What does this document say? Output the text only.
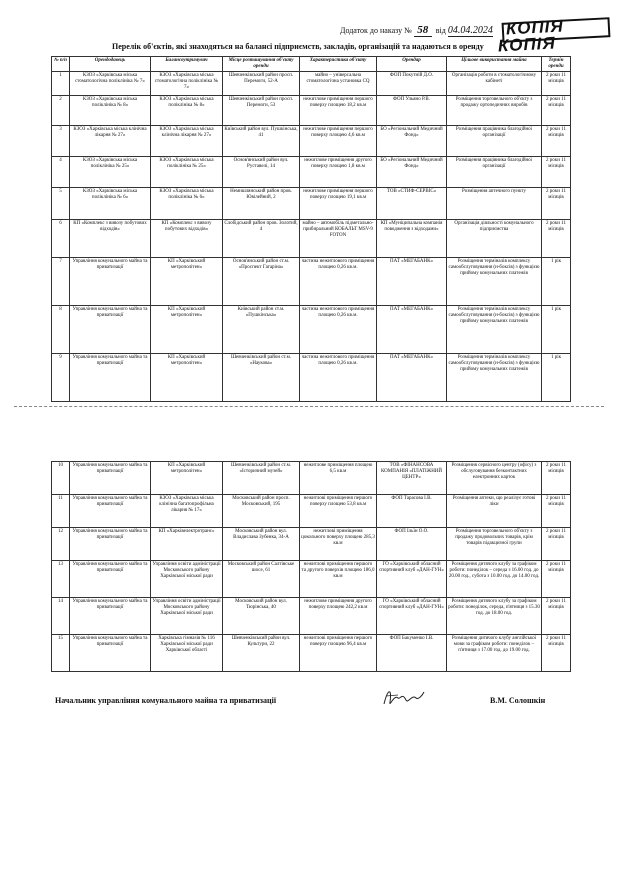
Додаток до наказу № 58 від 04.04.2024 КОПІЯ
КОПІЯ
Перелік об'єктів, які знаходяться на балансі підприємств, закладів, організацій та надаються в оренду
№ п/п	Орендодавець	Балансоутримувач	Місце розташування об'єкту оренди	Характеристика об'єкту	Орендар	Цільове використання майна	Термін оренди
1	КЗОЗ «Харківська міська стоматологічна поліклініка № 7»	КЗОЗ «Харківська міська стоматологічна поліклініка № 7»	Шевченківський район просп. Перемоги, 52-А	майно – універсальна стоматологічна установка СQ	ФОП Покутній Д.О.	Організація роботи в стоматологічному кабінеті	2 роки 11 місяців
2	КЗОЗ «Харківська міська поліклініка № 8»	КЗОЗ «Харківська міська поліклініка № 8»	Шевченківський район просп. Перемоги, 53	нежитлове приміщення першого поверху площею 18,2 кв.м	ФОП Ульяно Р.В.	Розміщення торговельного об'єкту з продажу ортопедичних виробів	2 роки 11 місяців
3	КЗОЗ «Харківська міська клінічна лікарня № 27»	КЗОЗ «Харківська міська клінічна лікарня № 27»	Київський район вул. Пушкінська, 41	нежитлове приміщення першого поверху площею 4,6 кв.м	БО «Регіональний Медичний Фонд»	Розміщення працівника благодійної організації	2 роки 11 місяців
4	КЗОЗ «Харківська міська поліклініка № 25»	КЗОЗ «Харківська міська поліклініка № 25»	Основ'янський район вул. Руставелі, 14	нежитлове приміщення другого поверху площею 1,8 кв.м	БО «Регіональний Медичний Фонд»	Розміщення працівника благодійної організації	2 роки 11 місяців
5	КЗОЗ «Харківська міська поліклініка № 6»	КЗОЗ «Харківська міська поліклініка № 6»	Немишлянський район пров. Ювілейний, 2	нежитлове приміщення першого поверху площею 19,1 кв.м	ТОВ «СТИФ-СЕРВІС»	Розміщення аптечного пункту	2 роки 11 місяців
6	КП «Комплекс з вивозу побутових відходів»	КП «Комплекс з вивозу побутових відходів»	Слобідський район пров. Золотий, 4	майно – автомобіль підметально-прибиральний КОБАЛЬТ MSV-9 FOTON	КП «Муніципальна компанія поводження з відходами»	Організація діяльності комунального підприємства	2 роки 11 місяців
7	Управління комунального майна та приватизації	КП «Харківський метрополітен»	Основ'янський район ст.м. «Проспект Гагаріна»	частина нежитлового приміщення площею 0,26 кв.м.	ПАТ «МЕГАБАНК»	Розміщення терміналів комплексу самообслуговування (н-боксів) з функцією прийому комунальних платежів	1 рік
8	Управління комунального майна та приватизації	КП «Харківський метрополітен»	Київський район ст.м. «Пушкінська»	частина нежитлового приміщення площею 0,26 кв.м.	ПАТ «МЕГАБАНК»	Розміщення терміналів комплексу самообслуговування (н-боксів) з функцією прийому комунальних платежів	1 рік
9	Управління комунального майна та приватизації	КП «Харківський метрополітен»	Шевченківський район ст.м. «Наукова»	частина нежитлового приміщення площею 0,26 кв.м.	ПАТ «МЕГАБАНК»	Розміщення терміналів комплексу самообслуговування (н-боксів) з функцією прийому комунальних платежів	1 рік
10	Управління комунального майна та приватизації	КП «Харківський метрополітен»	Шевченківський район ст.м. «Історичний музей»	нежитлове приміщення площею 6,5 кв.м	ТОВ «ФІНАНСОВА КОМПАНІЯ «ПЛАТІЖНИЙ ЦЕНТР»	Розміщення сервісного центру (офісу) з обслуговування безконтактних електронних карток	2 роки 11 місяців
11	Управління комунального майна та приватизації	КЗОЗ «Харківська міська клінічна багатопрофільна лікарня № 17»	Московський район просп. Московський, 195	нежитлові приміщення першого поверху площею 53,8 кв.м	ФОП Тарасова І.В.	Розміщення аптеки, що реалізує готові ліки	2 роки 11 місяців
12	Управління комунального майна та приватизації	КП «Харківелектротранс»	Московський район вул. Владислава Зубенка, 34-А	нежитлові приміщення цокольного поверху площею 285,3 кв.м	ФОП Ільїн О.О.	Розміщення торговельного об'єкту з продажу продовольчих товарів, крім товарів підакцизної групи	2 роки 11 місяців
13	Управління комунального майна та приватизації	Управління освіти адміністрації Московського району Харківської міської ради	Московський район Салтівське шосе, 61	нежитлові приміщення першого та другого поверхів площею 186,0 кв.м	ГО «Харківський обласний спортивний клуб «ДАН-ГУН»	Розміщення дитячого клубу за графіком роботи: понеділок – середа з 16.00 год. до 20.00 год., субота з 10.00 год. до 14.00 год.	2 роки 11 місяців
14	Управління комунального майна та приватизації	Управління освіти адміністрації Московського району Харківської міської ради	Московський район вул. Тюрінська, 40	нежитлове приміщення другого поверху площею 242,2 кв.м	ГО «Харківський обласний спортивний клуб «ДАН-ГУН»	Розміщення дитячого клубу за графіком роботи: понеділок, середа, п'ятниця з 15.30 год. до 18.00 год.	2 роки 11 місяців
15	Управління комунального майна та приватизації	Харківська гімназія № 116 Харківської міської ради Харківської області	Шевченківський район вул. Культури, 22	нежитлові приміщення першого поверху площею 96,4 кв.м	ФОП Бакуменко І.В.	Розміщення дитячого клубу англійської мови за графіком роботи: понеділок – п'ятниця з 17.00 год. до 19.00 год.	2 роки 11 місяців
Начальник управління комунального майна та приватизації	В.М. Солошкін
